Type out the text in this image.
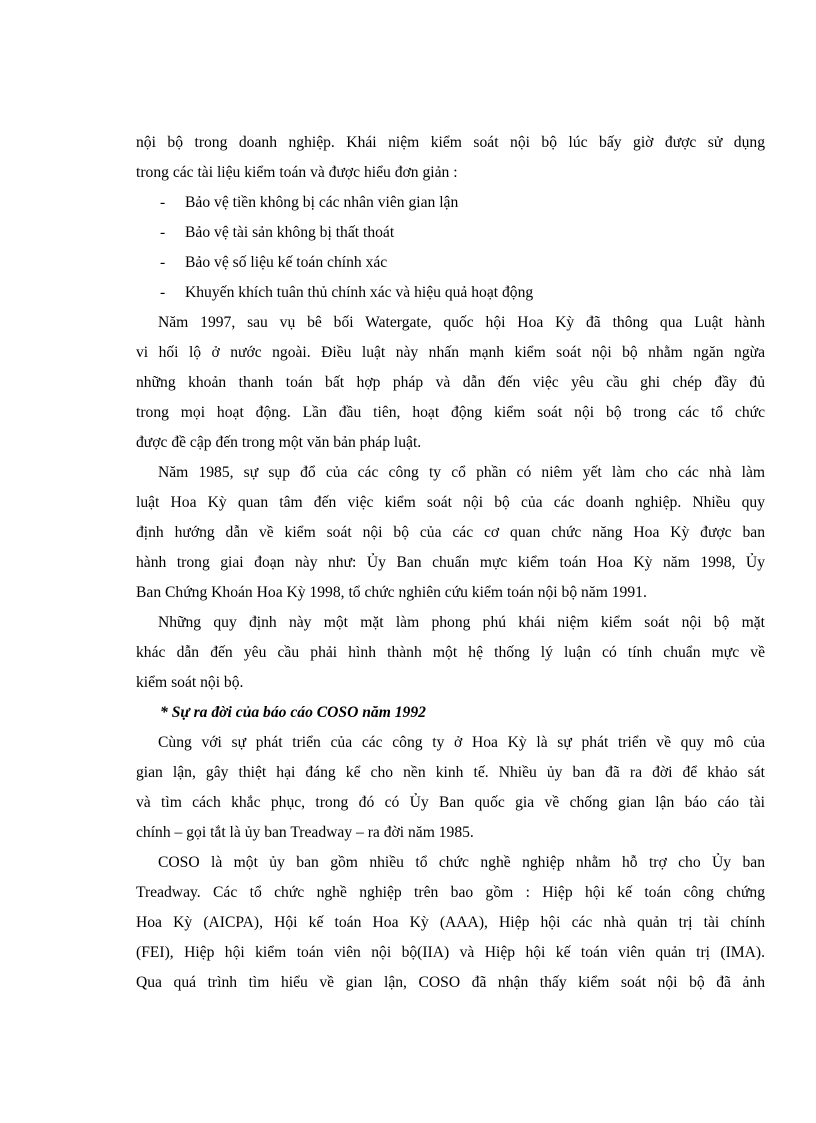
nội bộ trong doanh nghiệp. Khái niệm kiểm soát nội bộ lúc bấy giờ được sử dụng
trong các tài liệu kiểm toán và được hiểu đơn giản :
-	Bảo vệ tiền không bị các nhân viên gian lận
-	Bảo vệ tài sản không bị thất thoát
-	Bảo vệ số liệu kế toán chính xác
-	Khuyến khích tuân thủ chính xác và hiệu quả hoạt động
Năm 1997, sau vụ bê bối Watergate, quốc hội Hoa Kỳ đã thông qua Luật hành
vi hối lộ ở nước ngoài. Điều luật này nhấn mạnh kiểm soát nội bộ nhằm ngăn ngừa
những khoản thanh toán bất hợp pháp và dẫn đến việc yêu cầu ghi chép đầy đủ
trong mọi hoạt động. Lần đầu tiên, hoạt động kiểm soát nội bộ trong các tổ chức
được đề cập đến trong một văn bản pháp luật.
Năm 1985, sự sụp đổ của các công ty cổ phần có niêm yết làm cho các nhà làm
luật Hoa Kỳ quan tâm đến việc kiểm soát nội bộ của các doanh nghiệp. Nhiều quy
định hướng dẫn về kiểm soát nội bộ của các cơ quan chức năng Hoa Kỳ được ban
hành trong giai đoạn này như: Ủy Ban chuẩn mực kiểm toán Hoa Kỳ năm 1998, Ủy
Ban Chứng Khoán Hoa Kỳ 1998, tổ chức nghiên cứu kiểm toán nội bộ năm 1991.
Những quy định này một mặt làm phong phú khái niệm kiểm soát nội bộ mặt
khác dẫn đến yêu cầu phải hình thành một hệ thống lý luận có tính chuẩn mực về
kiểm soát nội bộ.
* Sự ra đời của báo cáo COSO năm 1992
Cùng với sự phát triển của các công ty ở Hoa Kỳ là sự phát triển về quy mô của
gian lận, gây thiệt hại đáng kể cho nền kinh tế. Nhiều ủy ban đã ra đời để khảo sát
và tìm cách khắc phục, trong đó có Ủy Ban quốc gia về chống gian lận báo cáo tài
chính – gọi tắt là ủy ban Treadway – ra đời năm 1985.
COSO là một ủy ban gồm nhiều tổ chức nghề nghiệp nhằm hỗ trợ cho Ủy ban
Treadway. Các tổ chức nghề nghiệp trên bao gồm : Hiệp hội kế toán công chứng
Hoa Kỳ (AICPA), Hội kế toán Hoa Kỳ (AAA), Hiệp hội các nhà quản trị tài chính
(FEI), Hiệp hội kiểm toán viên nội bộ(IIA) và Hiệp hội kế toán viên quản trị (IMA).
Qua quá trình tìm hiểu về gian lận, COSO đã nhận thấy kiểm soát nội bộ đã ảnh
